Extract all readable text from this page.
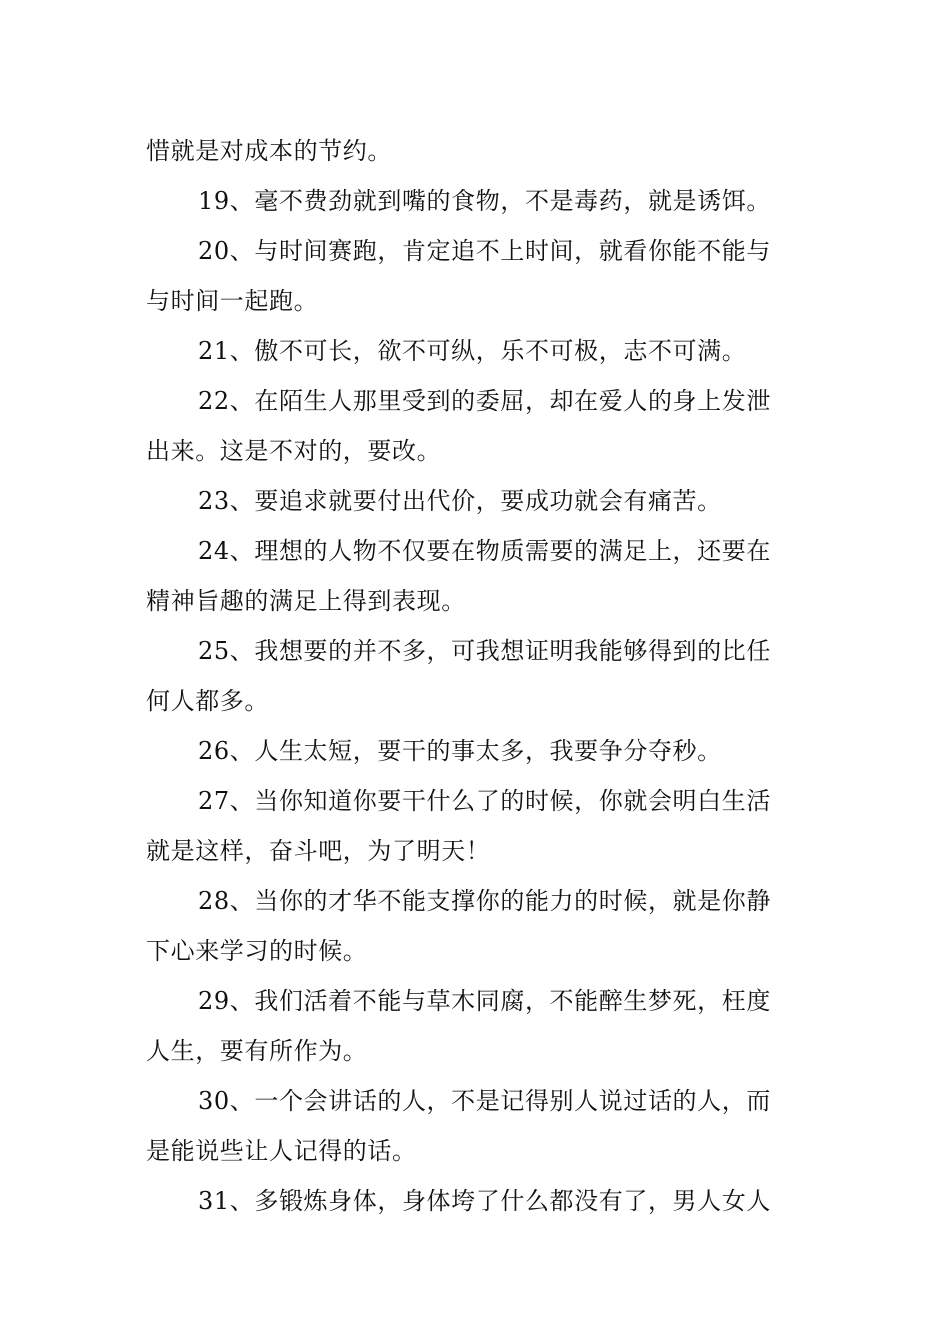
惜就是对成本的节约。
19、毫不费劲就到嘴的食物，不是毒药，就是诱饵。
20、与时间赛跑，肯定追不上时间，就看你能不能与
与时间一起跑。
21、傲不可长，欲不可纵，乐不可极，志不可满。
22、在陌生人那里受到的委屈，却在爱人的身上发泄
出来。这是不对的，要改。
23、要追求就要付出代价，要成功就会有痛苦。
24、理想的人物不仅要在物质需要的满足上，还要在
精神旨趣的满足上得到表现。
25、我想要的并不多，可我想证明我能够得到的比任
何人都多。
26、人生太短，要干的事太多，我要争分夺秒。
27、当你知道你要干什么了的时候，你就会明白生活
就是这样，奋斗吧，为了明天！
28、当你的才华不能支撑你的能力的时候，就是你静
下心来学习的时候。
29、我们活着不能与草木同腐，不能醉生梦死，枉度
人生，要有所作为。
30、一个会讲话的人，不是记得别人说过话的人，而
是能说些让人记得的话。
31、多锻炼身体，身体垮了什么都没有了，男人女人
